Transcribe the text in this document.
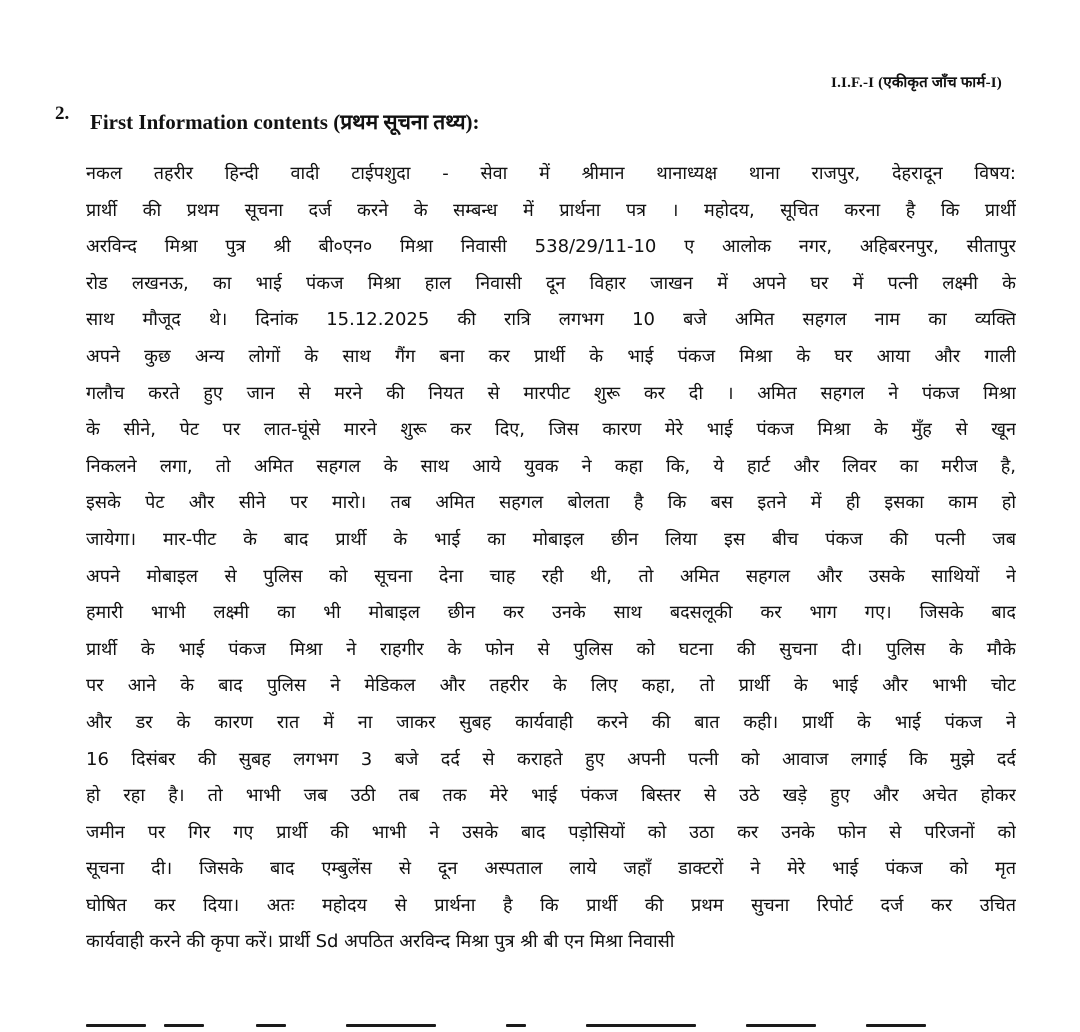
I.I.F.-I (एकीकृत जाँच फार्म-I)
2. First Information contents (प्रथम सूचना तथ्य):
नकल तहरीर हिन्दी वादी टाईपशुदा - सेवा में श्रीमान थानाध्यक्ष थाना राजपुर, देहरादून विषय:
प्रार्थी की प्रथम सूचना दर्ज करने के सम्बन्ध में प्रार्थना पत्र । महोदय, सूचित करना है कि प्रार्थी
अरविन्द मिश्रा पुत्र श्री बी०एन० मिश्रा निवासी 538/29/11-10 ए आलोक नगर, अहिबरनपुर, सीतापुर
रोड लखनऊ, का भाई पंकज मिश्रा हाल निवासी दून विहार जाखन में अपने घर में पत्नी लक्ष्मी के
साथ मौजूद थे। दिनांक 15.12.2025 की रात्रि लगभग 10 बजे अमित सहगल नाम का व्यक्ति
अपने कुछ अन्य लोगों के साथ गैंग बना कर प्रार्थी के भाई पंकज मिश्रा के घर आया और गाली
गलौच करते हुए जान से मरने की नियत से मारपीट शुरू कर दी । अमित सहगल ने पंकज मिश्रा
के सीने, पेट पर लात-घूंसे मारने शुरू कर दिए, जिस कारण मेरे भाई पंकज मिश्रा के मुँह से खून
निकलने लगा, तो अमित सहगल के साथ आये युवक ने कहा कि, ये हार्ट और लिवर का मरीज है,
इसके पेट और सीने पर मारो। तब अमित सहगल बोलता है कि बस इतने में ही इसका काम हो
जायेगा। मार-पीट के बाद प्रार्थी के भाई का मोबाइल छीन लिया इस बीच पंकज की पत्नी जब
अपने मोबाइल से पुलिस को सूचना देना चाह रही थी, तो अमित सहगल और उसके साथियों ने
हमारी भाभी लक्ष्मी का भी मोबाइल छीन कर उनके साथ बदसलूकी कर भाग गए। जिसके बाद
प्रार्थी के भाई पंकज मिश्रा ने राहगीर के फोन से पुलिस को घटना की सुचना दी। पुलिस के मौके
पर आने के बाद पुलिस ने मेडिकल और तहरीर के लिए कहा, तो प्रार्थी के भाई और भाभी चोट
और डर के कारण रात में ना जाकर सुबह कार्यवाही करने की बात कही। प्रार्थी के भाई पंकज ने
16 दिसंबर की सुबह लगभग 3 बजे दर्द से कराहते हुए अपनी पत्नी को आवाज लगाई कि मुझे दर्द
हो रहा है। तो भाभी जब उठी तब तक मेरे भाई पंकज बिस्तर से उठे खड़े हुए और अचेत होकर
जमीन पर गिर गए प्रार्थी की भाभी ने उसके बाद पड़ोसियों को उठा कर उनके फोन से परिजनों को
सूचना दी। जिसके बाद एम्बुलेंस से दून अस्पताल लाये जहाँ डाक्टरों ने मेरे भाई पंकज को मृत
घोषित कर दिया। अतः महोदय से प्रार्थना है कि प्रार्थी की प्रथम सुचना रिपोर्ट दर्ज कर उचित
कार्यवाही करने की कृपा करें। प्रार्थी Sd अपठित अरविन्द मिश्रा पुत्र श्री बी एन मिश्रा निवासी
